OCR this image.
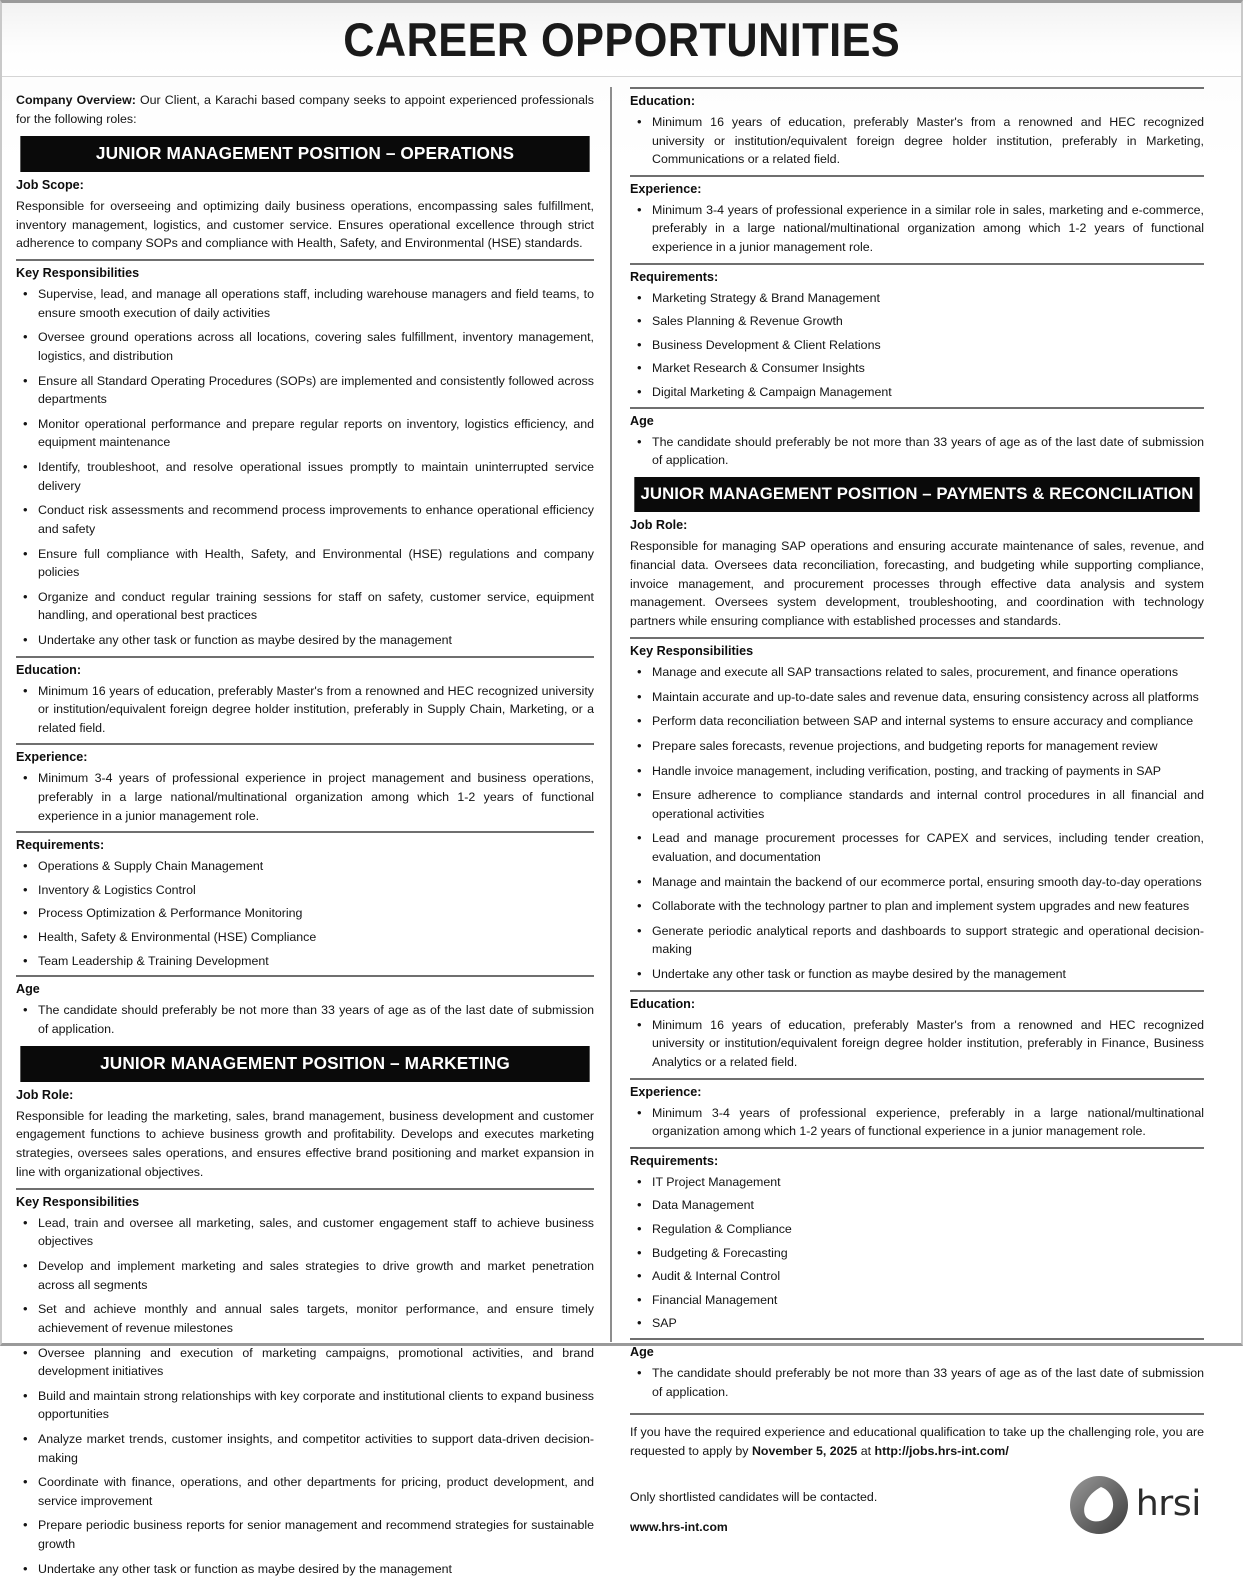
CAREER OPPORTUNITIES

Company Overview: Our Client, a Karachi based company seeks to appoint experienced professionals for the following roles:

JUNIOR MANAGEMENT POSITION – OPERATIONS
Job Scope:

Responsible for overseeing and optimizing daily business operations, encompassing sales fulfillment, inventory management, logistics, and customer service. Ensures operational excellence through strict adherence to company SOPs and compliance with Health, Safety, and Environmental (HSE) standards.

Key Responsibilities
• Supervise, lead, and manage all operations staff, including warehouse managers and field teams, to ensure smooth execution of daily activities
• Oversee ground operations across all locations, covering sales fulfillment, inventory management, logistics, and distribution
• Ensure all Standard Operating Procedures (SOPs) are implemented and consistently followed across departments
• Monitor operational performance and prepare regular reports on inventory, logistics efficiency, and equipment maintenance
• Identify, troubleshoot, and resolve operational issues promptly to maintain uninterrupted service delivery
• Conduct risk assessments and recommend process improvements to enhance operational efficiency and safety
• Ensure full compliance with Health, Safety, and Environmental (HSE) regulations and company policies
• Organize and conduct regular training sessions for staff on safety, customer service, equipment handling, and operational best practices
• Undertake any other task or function as maybe desired by the management
Education:
• Minimum 16 years of education, preferably Master's from a renowned and HEC recognized university or institution/equivalent foreign degree holder institution, preferably in Supply Chain, Marketing, or a related field.
Experience:
• Minimum 3-4 years of professional experience in project management and business operations, preferably in a large national/multinational organization among which 1-2 years of functional experience in a junior management role.
Requirements:
• Operations & Supply Chain Management
• Inventory & Logistics Control
• Process Optimization & Performance Monitoring
• Health, Safety & Environmental (HSE) Compliance
• Team Leadership & Training Development
Age
• The candidate should preferably be not more than 33 years of age as of the last date of submission of application.
JUNIOR MANAGEMENT POSITION – MARKETING
Job Role:

Responsible for leading the marketing, sales, brand management, business development and customer engagement functions to achieve business growth and profitability. Develops and executes marketing strategies, oversees sales operations, and ensures effective brand positioning and market expansion in line with organizational objectives.

Key Responsibilities
• Lead, train and oversee all marketing, sales, and customer engagement staff to achieve business objectives
• Develop and implement marketing and sales strategies to drive growth and market penetration across all segments
• Set and achieve monthly and annual sales targets, monitor performance, and ensure timely achievement of revenue milestones
• Oversee planning and execution of marketing campaigns, promotional activities, and brand development initiatives
• Build and maintain strong relationships with key corporate and institutional clients to expand business opportunities
• Analyze market trends, customer insights, and competitor activities to support data-driven decision-making
• Coordinate with finance, operations, and other departments for pricing, product development, and service improvement
• Prepare periodic business reports for senior management and recommend strategies for sustainable growth
• Undertake any other task or function as maybe desired by the management
Education:
• Minimum 16 years of education, preferably Master's from a renowned and HEC recognized university or institution/equivalent foreign degree holder institution, preferably in Marketing, Communications or a related field.
Experience:
• Minimum 3-4 years of professional experience in a similar role in sales, marketing and e-commerce, preferably in a large national/multinational organization among which 1-2 years of functional experience in a junior management role.
Requirements:
• Marketing Strategy & Brand Management
• Sales Planning & Revenue Growth
• Business Development & Client Relations
• Market Research & Consumer Insights
• Digital Marketing & Campaign Management
Age
• The candidate should preferably be not more than 33 years of age as of the last date of submission of application.
JUNIOR MANAGEMENT POSITION – PAYMENTS & RECONCILIATION
Job Role:

Responsible for managing SAP operations and ensuring accurate maintenance of sales, revenue, and financial data. Oversees data reconciliation, forecasting, and budgeting while supporting compliance, invoice management, and procurement processes through effective data analysis and system management. Oversees system development, troubleshooting, and coordination with technology partners while ensuring compliance with established processes and standards.

Key Responsibilities
• Manage and execute all SAP transactions related to sales, procurement, and finance operations
• Maintain accurate and up-to-date sales and revenue data, ensuring consistency across all platforms
• Perform data reconciliation between SAP and internal systems to ensure accuracy and compliance
• Prepare sales forecasts, revenue projections, and budgeting reports for management review
• Handle invoice management, including verification, posting, and tracking of payments in SAP
• Ensure adherence to compliance standards and internal control procedures in all financial and operational activities
• Lead and manage procurement processes for CAPEX and services, including tender creation, evaluation, and documentation
• Manage and maintain the backend of our ecommerce portal, ensuring smooth day-to-day operations
• Collaborate with the technology partner to plan and implement system upgrades and new features
• Generate periodic analytical reports and dashboards to support strategic and operational decision-making
• Undertake any other task or function as maybe desired by the management
Education:
• Minimum 16 years of education, preferably Master's from a renowned and HEC recognized university or institution/equivalent foreign degree holder institution, preferably in Finance, Business Analytics or a related field.
Experience:
• Minimum 3-4 years of professional experience, preferably in a large national/multinational organization among which 1-2 years of functional experience in a junior management role.
Requirements:
• IT Project Management
• Data Management
• Regulation & Compliance
• Budgeting & Forecasting
• Audit & Internal Control
• Financial Management
• SAP
Age
• The candidate should preferably be not more than 33 years of age as of the last date of submission of application.

If you have the required experience and educational qualification to take up the challenging role, you are requested to apply by November 5, 2025 at http://jobs.hrs-int.com/

Only shortlisted candidates will be contacted.

www.hrs-int.com

hrsi
